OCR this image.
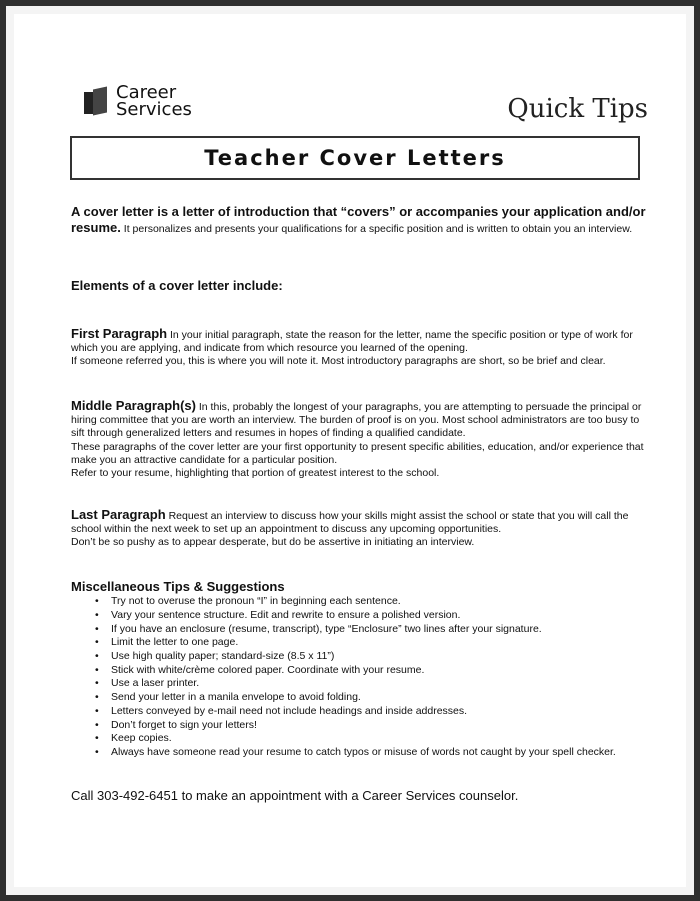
Career
Services	Quick Tips
Teacher Cover Letters
A cover letter is a letter of introduction that “covers” or accompanies your application and/or resume. It personalizes and presents your qualifications for a specific position and is written to obtain you an interview.
Elements of a cover letter include:
First Paragraph In your initial paragraph, state the reason for the letter, name the specific position or type of work for which you are applying, and indicate from which resource you learned of the opening.
If someone referred you, this is where you will note it. Most introductory paragraphs are short, so be brief and clear.
Middle Paragraph(s) In this, probably the longest of your paragraphs, you are attempting to persuade the principal or hiring committee that you are worth an interview. The burden of proof is on you. Most school administrators are too busy to sift through generalized letters and resumes in hopes of finding a qualified candidate.
These paragraphs of the cover letter are your first opportunity to present specific abilities, education, and/or experience that make you an attractive candidate for a particular position.
Refer to your resume, highlighting that portion of greatest interest to the school.
Last Paragraph Request an interview to discuss how your skills might assist the school or state that you will call the school within the next week to set up an appointment to discuss any upcoming opportunities.
Don’t be so pushy as to appear desperate, but do be assertive in initiating an interview.
Miscellaneous Tips & Suggestions
• Try not to overuse the pronoun “I” in beginning each sentence.
• Vary your sentence structure. Edit and rewrite to ensure a polished version.
• If you have an enclosure (resume, transcript), type “Enclosure” two lines after your signature.
• Limit the letter to one page.
• Use high quality paper; standard-size (8.5 x 11”)
• Stick with white/crème colored paper. Coordinate with your resume.
• Use a laser printer.
• Send your letter in a manila envelope to avoid folding.
• Letters conveyed by e-mail need not include headings and inside addresses.
• Don’t forget to sign your letters!
• Keep copies.
• Always have someone read your resume to catch typos or misuse of words not caught by your spell checker.
Call 303-492-6451 to make an appointment with a Career Services counselor.
